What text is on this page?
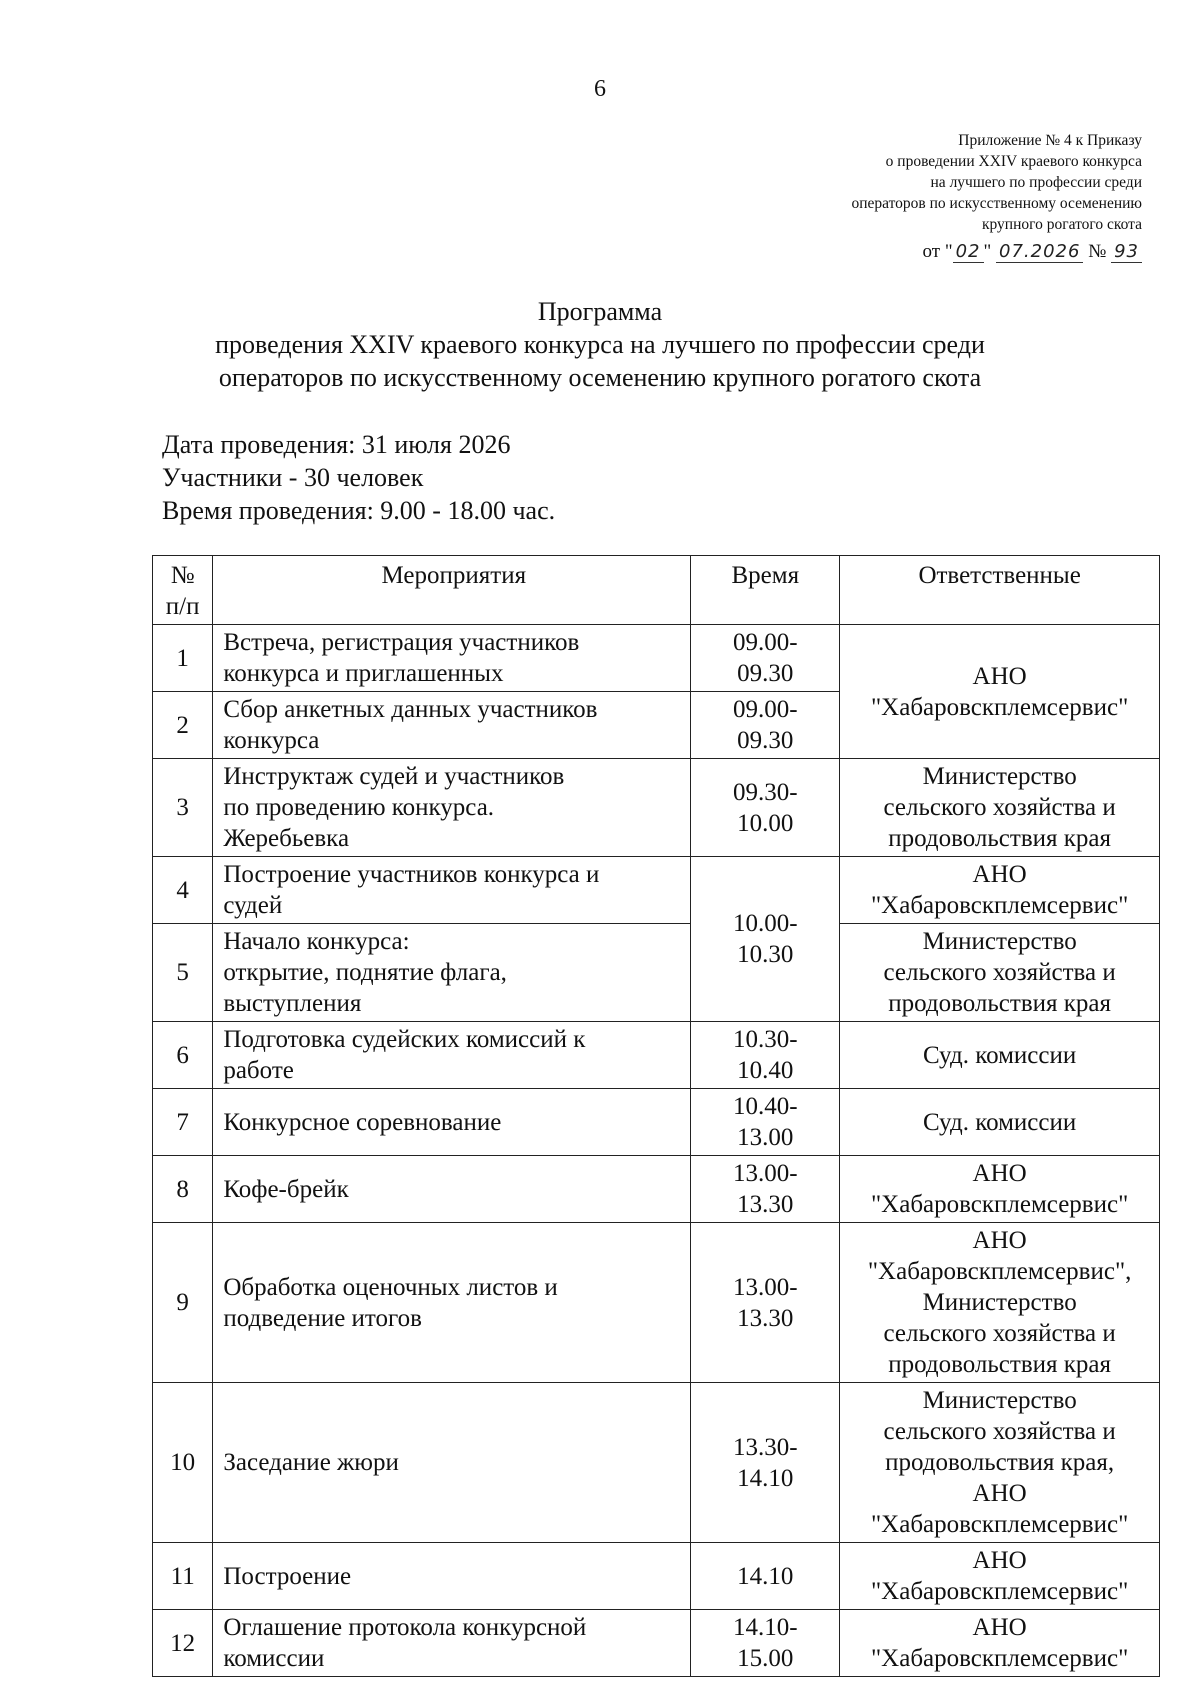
6
Приложение № 4 к Приказу
о проведении XXIV краевого конкурса
на лучшего по профессии среди
операторов по искусственному осеменению
крупного рогатого скота
от " 02 " 07.2026 № 93
Программа
проведения XXIV краевого конкурса на лучшего по профессии среди
операторов по искусственному осеменению крупного рогатого скота
Дата проведения: 31 июля 2026
Участники - 30 человек
Время проведения: 9.00 - 18.00 час.
№
п/п	Мероприятия	Время	Ответственные
1	Встреча, регистрация участников
конкурса и приглашенных	09.00-
09.30	АНО
"Хабаровскплемсервис"
2	Сбор анкетных данных участников
конкурса	09.00-
09.30	
3	Инструктаж судей и участников
по проведению конкурса.
Жеребьевка	09.30-
10.00	Министерство
сельского хозяйства и
продовольствия края
4	Построение участников конкурса и
судей	10.00-
10.30	АНО
"Хабаровскплемсервис"
5	Начало конкурса:
открытие, поднятие флага,
выступления		Министерство
сельского хозяйства и
продовольствия края
6	Подготовка судейских комиссий к
работе	10.30-
10.40	Суд. комиссии
7	Конкурсное соревнование	10.40-
13.00	Суд. комиссии
8	Кофе-брейк	13.00-
13.30	АНО
"Хабаровскплемсервис"
9	Обработка оценочных листов и
подведение итогов	13.00-
13.30	АНО
"Хабаровскплемсервис",
Министерство
сельского хозяйства и
продовольствия края
10	Заседание жюри	13.30-
14.10	Министерство
сельского хозяйства и
продовольствия края,
АНО
"Хабаровскплемсервис"
11	Построение	14.10	АНО
"Хабаровскплемсервис"
12	Оглашение протокола конкурсной
комиссии	14.10-
15.00	АНО
"Хабаровскплемсервис"
